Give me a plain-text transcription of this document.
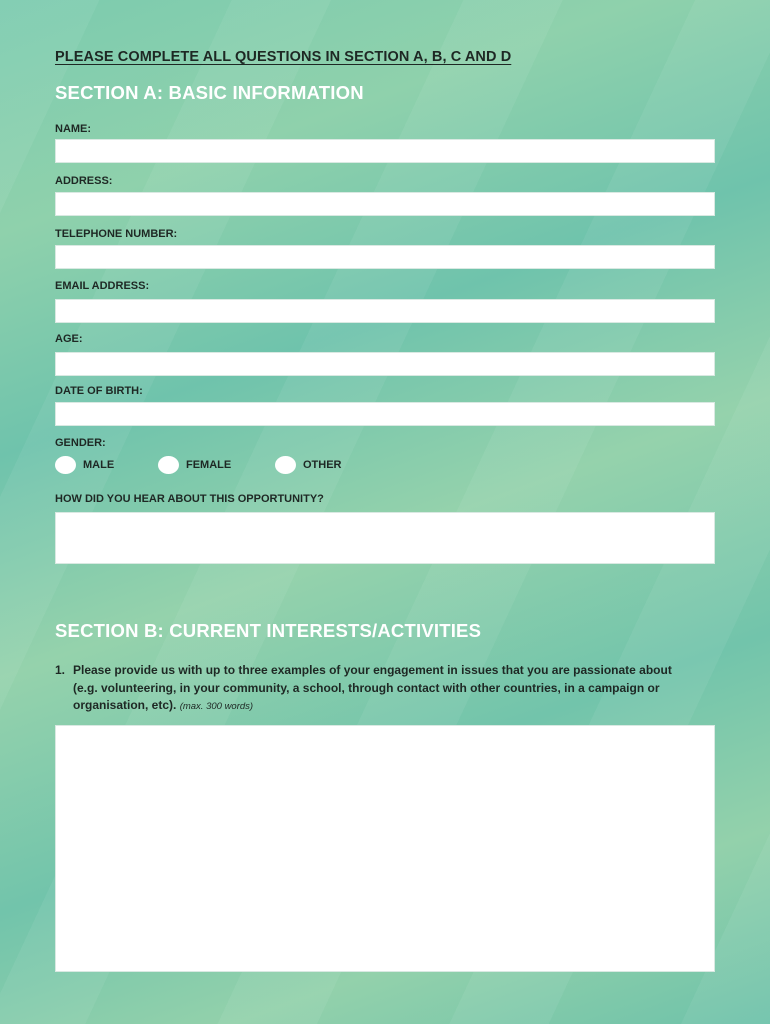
PLEASE COMPLETE ALL QUESTIONS IN SECTION A, B, C AND D
SECTION A: BASIC INFORMATION
NAME:
ADDRESS:
TELEPHONE NUMBER:
EMAIL ADDRESS:
AGE:
DATE OF BIRTH:
GENDER:
MALE	FEMALE	OTHER
HOW DID YOU HEAR ABOUT THIS OPPORTUNITY?
SECTION B: CURRENT INTERESTS/ACTIVITIES
1. Please provide us with up to three examples of your engagement in issues that you are passionate about (e.g. volunteering, in your community, a school, through contact with other countries, in a campaign or organisation, etc). (max. 300 words)
